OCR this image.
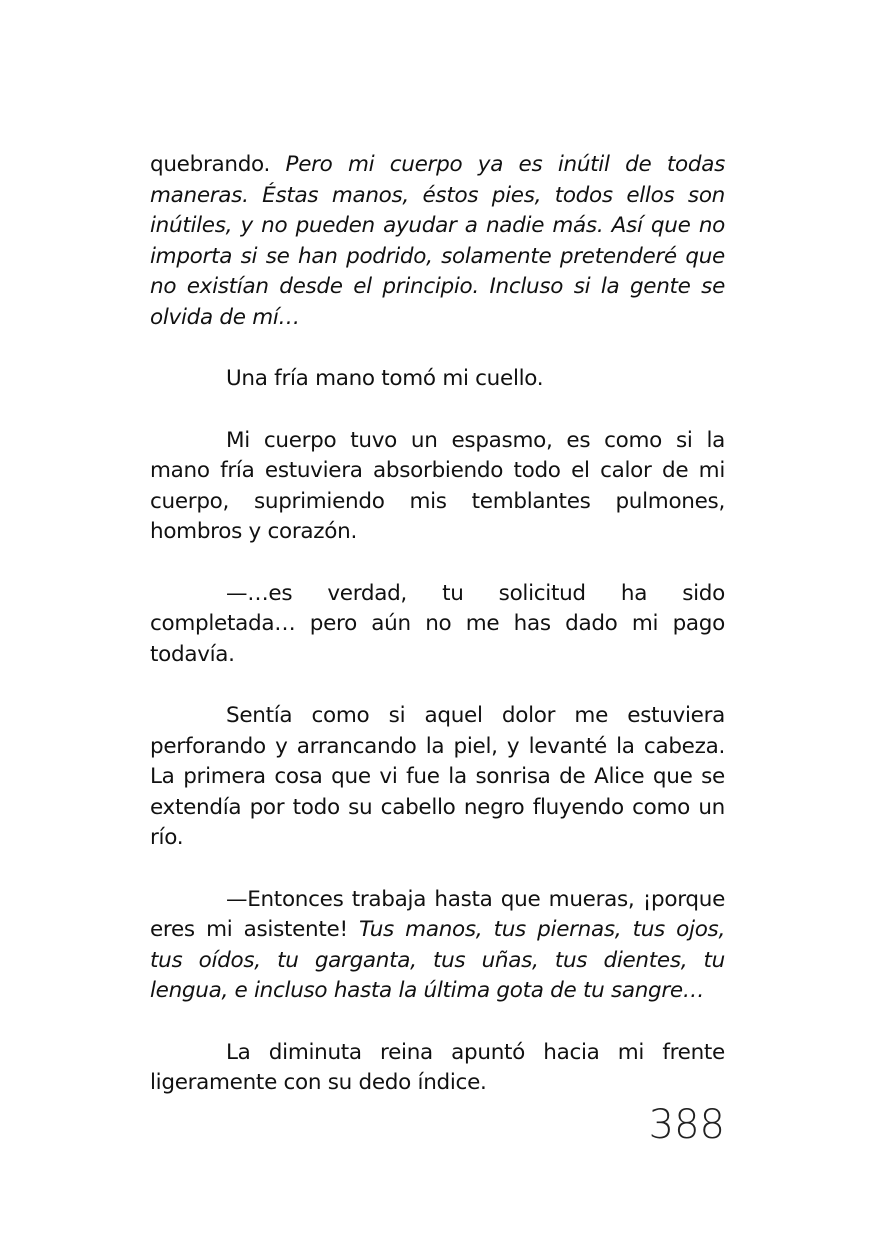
quebrando. Pero mi cuerpo ya es inútil de todas maneras. Éstas manos, éstos pies, todos ellos son inútiles, y no pueden ayudar a nadie más. Así que no importa si se han podrido, solamente pretenderé que no existían desde el principio. Incluso si la gente se olvida de mí…

Una fría mano tomó mi cuello.

Mi cuerpo tuvo un espasmo, es como si la mano fría estuviera absorbiendo todo el calor de mi cuerpo, suprimiendo mis temblantes pulmones, hombros y corazón.

—…es verdad, tu solicitud ha sido completada… pero aún no me has dado mi pago todavía.

Sentía como si aquel dolor me estuviera perforando y arrancando la piel, y levanté la cabeza. La primera cosa que vi fue la sonrisa de Alice que se extendía por todo su cabello negro fluyendo como un río.

—Entonces trabaja hasta que mueras, ¡porque eres mi asistente! Tus manos, tus piernas, tus ojos, tus oídos, tu garganta, tus uñas, tus dientes, tu lengua, e incluso hasta la última gota de tu sangre…

La diminuta reina apuntó hacia mi frente ligeramente con su dedo índice.

388
